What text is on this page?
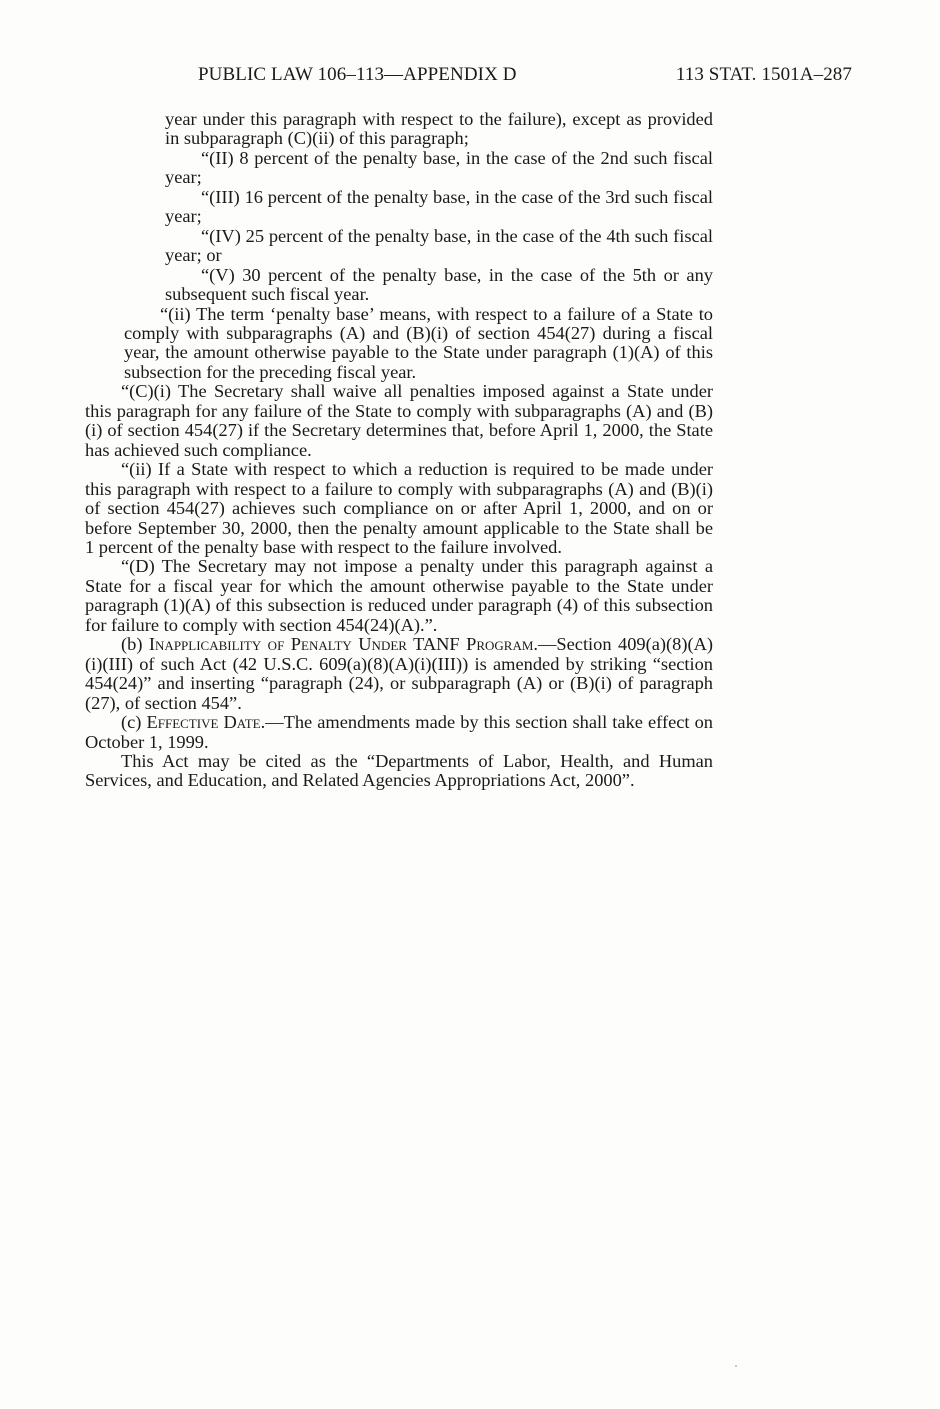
PUBLIC LAW 106–113—APPENDIX D	113 STAT. 1501A–287

year under this paragraph with respect to the failure), except as provided in subparagraph (C)(ii) of this paragraph;

“(II) 8 percent of the penalty base, in the case of the 2nd such fiscal year;

“(III) 16 percent of the penalty base, in the case of the 3rd such fiscal year;

“(IV) 25 percent of the penalty base, in the case of the 4th such fiscal year; or

“(V) 30 percent of the penalty base, in the case of the 5th or any subsequent such fiscal year.

“(ii) The term ‘penalty base’ means, with respect to a failure of a State to comply with subparagraphs (A) and (B)(i) of section 454(27) during a fiscal year, the amount otherwise payable to the State under paragraph (1)(A) of this subsection for the preceding fiscal year.

“(C)(i) The Secretary shall waive all penalties imposed against a State under this paragraph for any failure of the State to comply with subparagraphs (A) and (B)(i) of section 454(27) if the Secretary determines that, before April 1, 2000, the State has achieved such compliance.

“(ii) If a State with respect to which a reduction is required to be made under this paragraph with respect to a failure to comply with subparagraphs (A) and (B)(i) of section 454(27) achieves such compliance on or after April 1, 2000, and on or before September 30, 2000, then the penalty amount applicable to the State shall be 1 percent of the penalty base with respect to the failure involved.

“(D) The Secretary may not impose a penalty under this paragraph against a State for a fiscal year for which the amount otherwise payable to the State under paragraph (1)(A) of this subsection is reduced under paragraph (4) of this subsection for failure to comply with section 454(24)(A).”.

(b) Inapplicability of Penalty Under TANF Program.—Section 409(a)(8)(A)(i)(III) of such Act (42 U.S.C. 609(a)(8)(A)(i)(III)) is amended by striking “section 454(24)” and inserting “paragraph (24), or subparagraph (A) or (B)(i) of paragraph (27), of section 454”.

(c) Effective Date.—The amendments made by this section shall take effect on October 1, 1999.

This Act may be cited as the “Departments of Labor, Health, and Human Services, and Education, and Related Agencies Appropriations Act, 2000”.
